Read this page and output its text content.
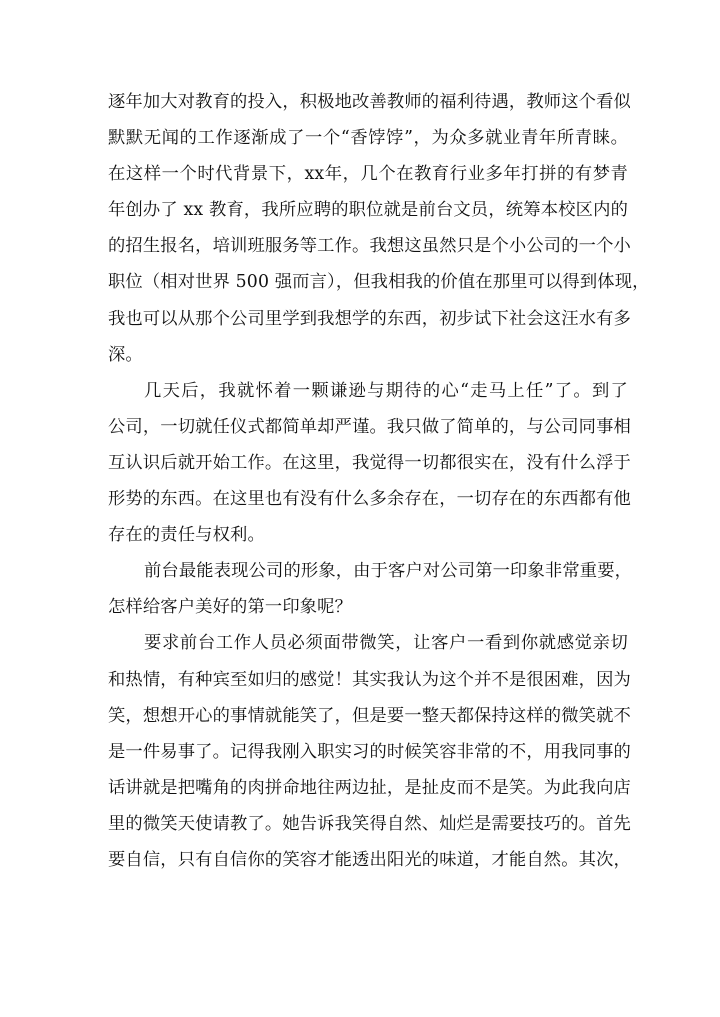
逐年加大对教育的投入，积极地改善教师的福利待遇，教师这个看似
默默无闻的工作逐渐成了一个“香饽饽”，为众多就业青年所青睐。
在这样一个时代背景下，xx年，几个在教育行业多年打拼的有梦青
年创办了 xx 教育，我所应聘的职位就是前台文员，统筹本校区内的
的招生报名，培训班服务等工作。我想这虽然只是个小公司的一个小
职位（相对世界 500 强而言），但我相我的价值在那里可以得到体现，
我也可以从那个公司里学到我想学的东西，初步试下社会这汪水有多
深。
几天后，我就怀着一颗谦逊与期待的心“走马上任”了。到了
公司，一切就任仪式都简单却严谨。我只做了简单的，与公司同事相
互认识后就开始工作。在这里，我觉得一切都很实在，没有什么浮于
形势的东西。在这里也有没有什么多余存在，一切存在的东西都有他
存在的责任与权利。
前台最能表现公司的形象，由于客户对公司第一印象非常重要，
怎样给客户美好的第一印象呢？
要求前台工作人员必须面带微笑，让客户一看到你就感觉亲切
和热情，有种宾至如归的感觉！其实我认为这个并不是很困难，因为
笑，想想开心的事情就能笑了，但是要一整天都保持这样的微笑就不
是一件易事了。记得我刚入职实习的时候笑容非常的不，用我同事的
话讲就是把嘴角的肉拼命地往两边扯，是扯皮而不是笑。为此我向店
里的微笑天使请教了。她告诉我笑得自然、灿烂是需要技巧的。首先
要自信，只有自信你的笑容才能透出阳光的味道，才能自然。其次，
